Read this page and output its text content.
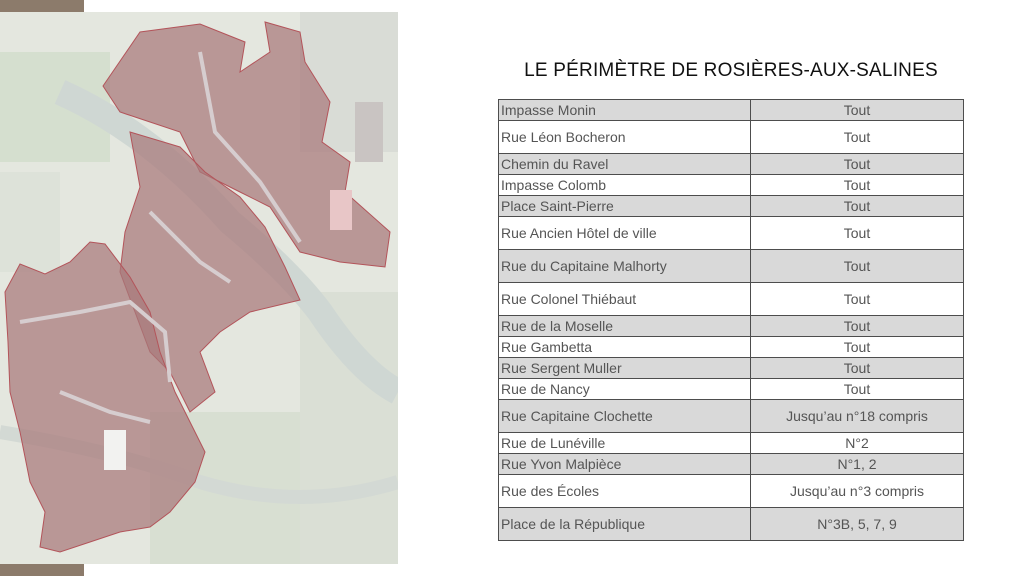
LE PÉRIMÈTRE DE ROSIÈRES-AUX-SALINES
Impasse Monin	Tout
Rue Léon Bocheron	Tout
Chemin du Ravel	Tout
Impasse Colomb	Tout
Place Saint-Pierre	Tout
Rue Ancien Hôtel de ville	Tout
Rue du Capitaine Malhorty	Tout
Rue Colonel Thiébaut	Tout
Rue de la Moselle	Tout
Rue Gambetta	Tout
Rue Sergent Muller	Tout
Rue de Nancy	Tout
Rue Capitaine Clochette	Jusqu’au n°18 compris
Rue de Lunéville	N°2
Rue Yvon Malpièce	N°1, 2
Rue des Écoles	Jusqu’au n°3 compris
Place de la République	N°3B, 5, 7, 9
